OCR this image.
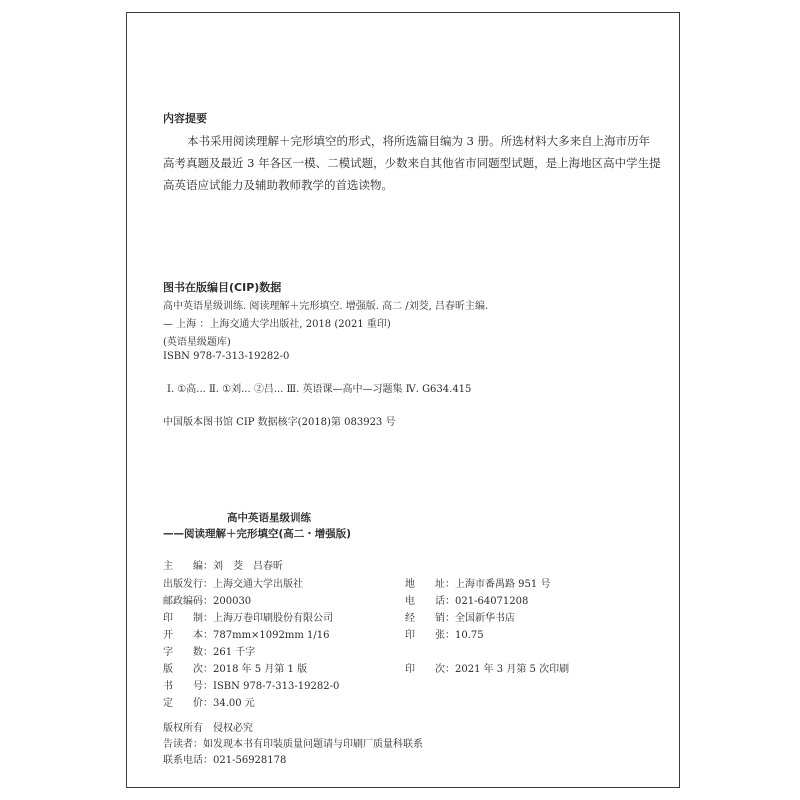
内容提要
本书采用阅读理解＋完形填空的形式，将所选篇目编为 3 册。所选材料大多来自上海市历年
高考真题及最近 3 年各区一模、二模试题，少数来自其他省市同题型试题，是上海地区高中学生提
高英语应试能力及辅助教师教学的首选读物。
图书在版编目(CIP)数据
高中英语星级训练. 阅读理解＋完形填空. 增强版. 高二 /刘茭, 吕春昕主编.
— 上海 ：上海交通大学出版社, 2018 (2021 重印)
(英语星级题库)
ISBN 978-7-313-19282-0
Ⅰ. ①高... Ⅱ. ①刘... ②吕... Ⅲ. 英语课—高中—习题集 Ⅳ. G634.415
中国版本图书馆 CIP 数据核字(2018)第 083923 号
高中英语星级训练
——阅读理解＋完形填空(高二・增强版)
主　　编：刘　茭　吕春昕
出版发行：上海交通大学出版社
邮政编码：200030
印　　制：上海万卷印刷股份有限公司
开　　本：787mm×1092mm 1/16
字　　数：261 千字
版　　次：2018 年 5 月第 1 版
书　　号：ISBN 978-7-313-19282-0
定　　价：34.00 元
地　　址：上海市番禺路 951 号
电　　话：021-64071208
经　　销：全国新华书店
印　　张：10.75
印　　次：2021 年 3 月第 5 次印刷
版权所有　侵权必究
告读者：如发现本书有印装质量问题请与印刷厂质量科联系
联系电话：021-56928178
